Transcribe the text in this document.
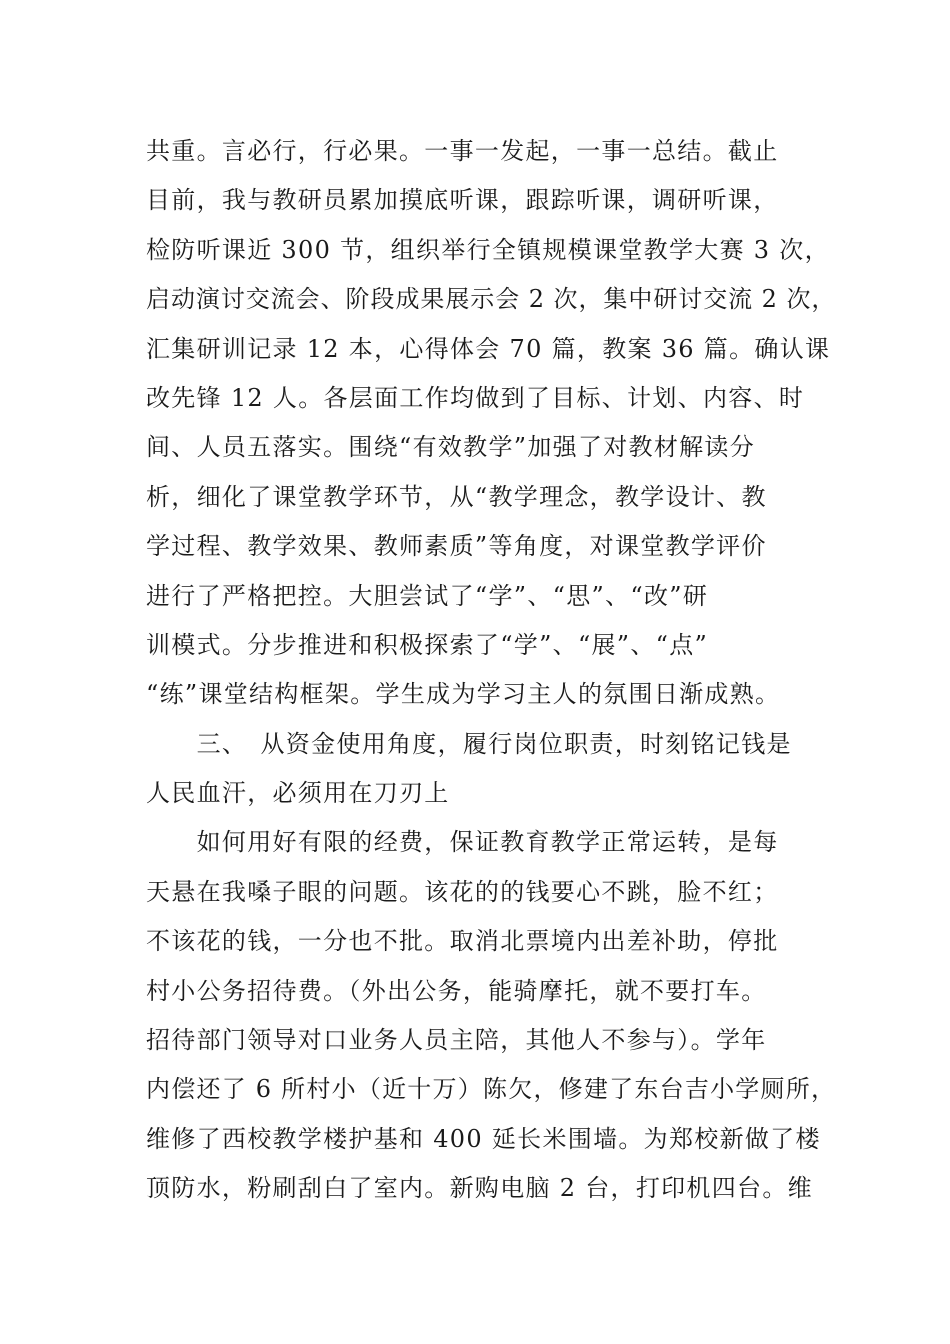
共重。言必行，行必果。一事一发起，一事一总结。截止
目前，我与教研员累加摸底听课，跟踪听课，调研听课，
检防听课近 300 节，组织举行全镇规模课堂教学大赛 3 次，
启动演讨交流会、阶段成果展示会 2 次，集中研讨交流 2 次，
汇集研训记录 12 本，心得体会 70 篇，教案 36 篇。确认课
改先锋 12 人。各层面工作均做到了目标、计划、内容、时
间、人员五落实。围绕“有效教学”加强了对教材解读分
析，细化了课堂教学环节，从“教学理念，教学设计、教
学过程、教学效果、教师素质”等角度，对课堂教学评价
进行了严格把控。大胆尝试了“学”、“思”、“改”研
训模式。分步推进和积极探索了“学”、“展”、“点”
“练”课堂结构框架。学生成为学习主人的氛围日渐成熟。
　　三、　从资金使用角度，履行岗位职责，时刻铭记钱是
人民血汗，必须用在刀刃上
　　如何用好有限的经费，保证教育教学正常运转，是每
天悬在我嗓子眼的问题。该花的的钱要心不跳，脸不红；
不该花的钱，一分也不批。取消北票境内出差补助，停批
村小公务招待费。（外出公务，能骑摩托，就不要打车。
招待部门领导对口业务人员主陪，其他人不参与）。学年
内偿还了 6 所村小（近十万）陈欠，修建了东台吉小学厕所，
维修了西校教学楼护基和 400 延长米围墙。为郑校新做了楼
顶防水，粉刷刮白了室内。新购电脑 2 台，打印机四台。维
